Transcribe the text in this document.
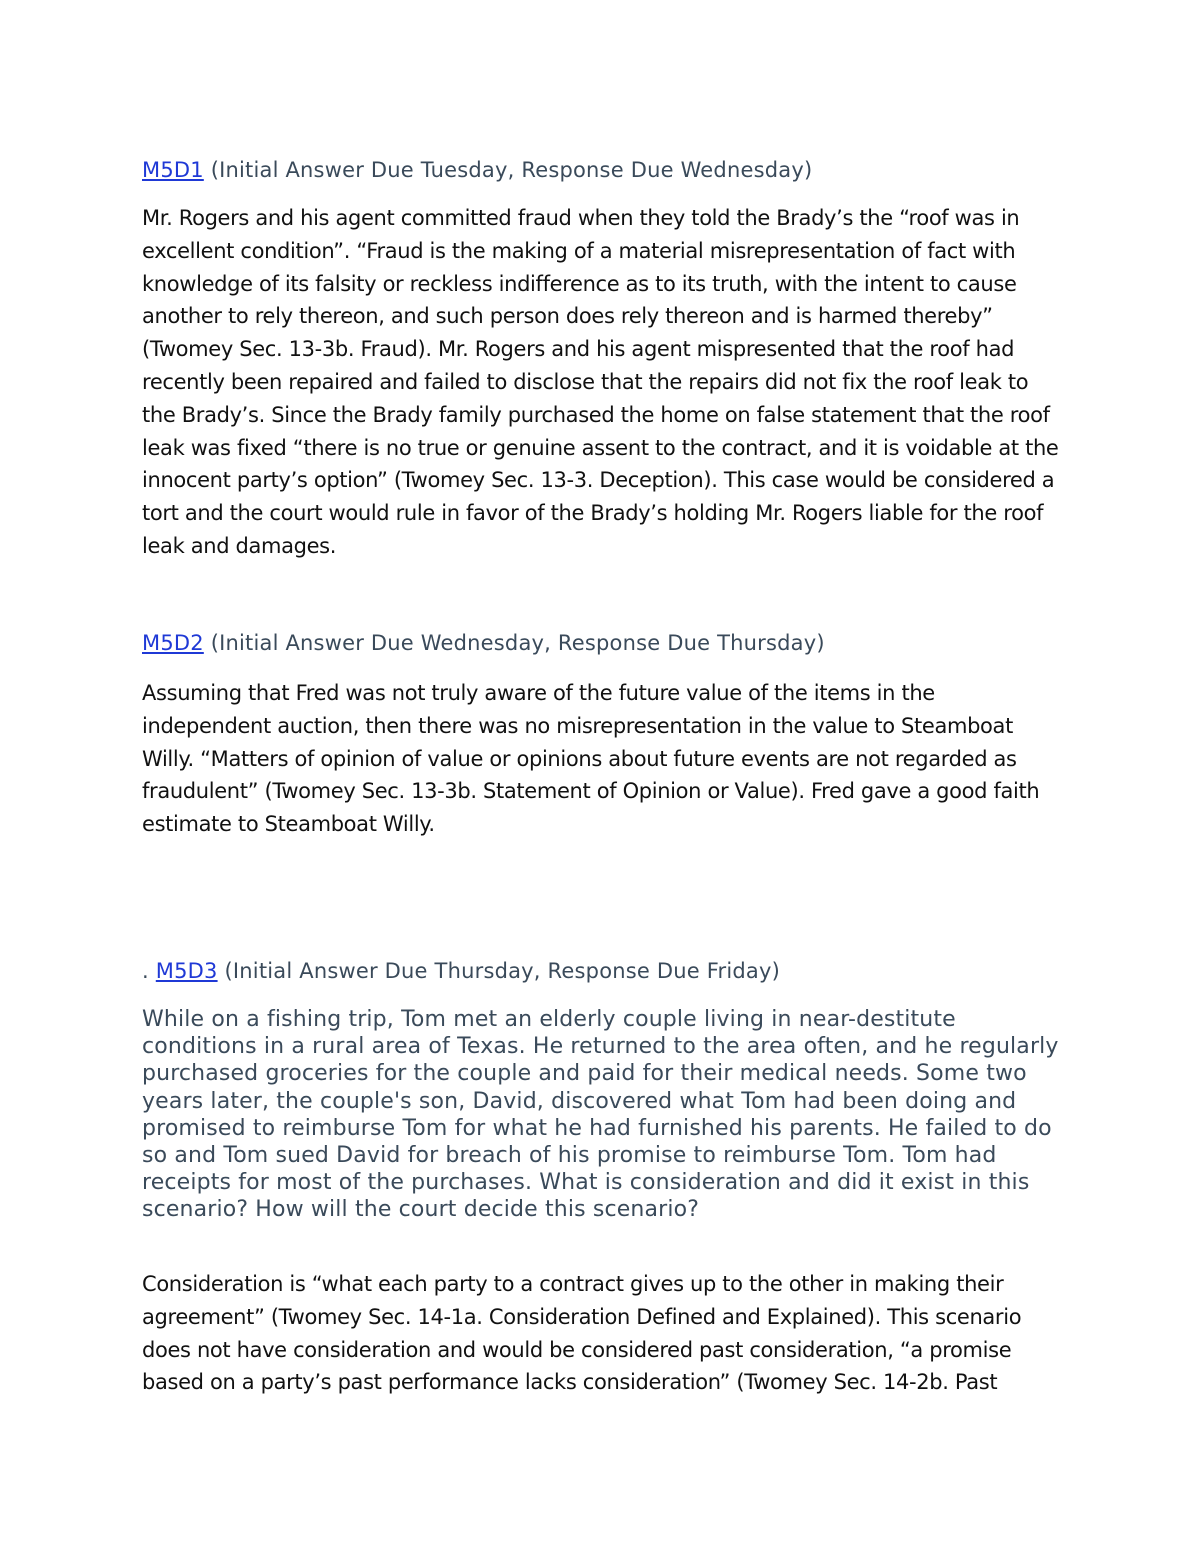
M5D1 (Initial Answer Due Tuesday, Response Due Wednesday)

Mr. Rogers and his agent committed fraud when they told the Brady’s the “roof was in excellent condition”. “Fraud is the making of a material misrepresentation of fact with knowledge of its falsity or reckless indifference as to its truth, with the intent to cause another to rely thereon, and such person does rely thereon and is harmed thereby” (Twomey Sec. 13-3b. Fraud). Mr. Rogers and his agent mispresented that the roof had recently been repaired and failed to disclose that the repairs did not fix the roof leak to the Brady’s. Since the Brady family purchased the home on false statement that the roof leak was fixed “there is no true or genuine assent to the contract, and it is voidable at the innocent party’s option” (Twomey Sec. 13-3. Deception). This case would be considered a tort and the court would rule in favor of the Brady’s holding Mr. Rogers liable for the roof leak and damages.

M5D2 (Initial Answer Due Wednesday, Response Due Thursday)

Assuming that Fred was not truly aware of the future value of the items in the independent auction, then there was no misrepresentation in the value to Steamboat Willy. “Matters of opinion of value or opinions about future events are not regarded as fraudulent” (Twomey Sec. 13-3b. Statement of Opinion or Value). Fred gave a good faith estimate to Steamboat Willy.

. M5D3 (Initial Answer Due Thursday, Response Due Friday)

While on a fishing trip, Tom met an elderly couple living in near-destitute conditions in a rural area of Texas. He returned to the area often, and he regularly purchased groceries for the couple and paid for their medical needs. Some two years later, the couple's son, David, discovered what Tom had been doing and promised to reimburse Tom for what he had furnished his parents. He failed to do so and Tom sued David for breach of his promise to reimburse Tom. Tom had receipts for most of the purchases. What is consideration and did it exist in this scenario? How will the court decide this scenario?

Consideration is “what each party to a contract gives up to the other in making their agreement” (Twomey Sec. 14-1a. Consideration Defined and Explained). This scenario does not have consideration and would be considered past consideration, “a promise based on a party’s past performance lacks consideration” (Twomey Sec. 14-2b. Past
